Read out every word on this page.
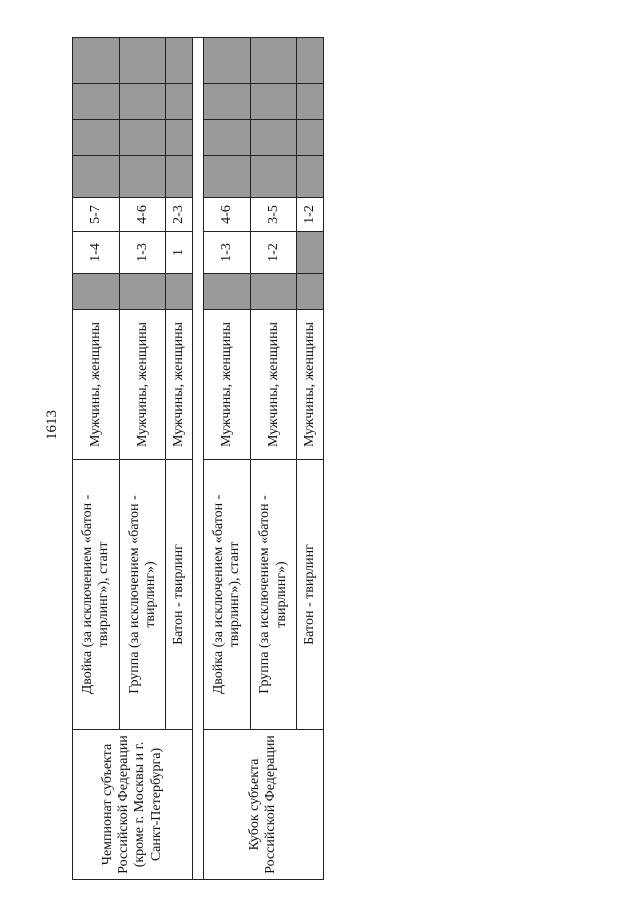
1613
Чемпионат субъекта Российской Федерации (кроме г. Москвы и г. Санкт-Петербурга)	Двойка (за исключением «батон - твирлинг»), стант	Мужчины, женщины		1-4	5-7				
	Группа (за исключением «батон - твирлинг»)	Мужчины, женщины		1-3	4-6				
	Батон - твирлинг	Мужчины, женщины		1	2-3				

Кубок субъекта Российской Федерации	Двойка (за исключением «батон - твирлинг»), стант	Мужчины, женщины		1-3	4-6				
	Группа (за исключением «батон - твирлинг»)	Мужчины, женщины		1-2	3-5				
	Батон - твирлинг	Мужчины, женщины			1-2				
